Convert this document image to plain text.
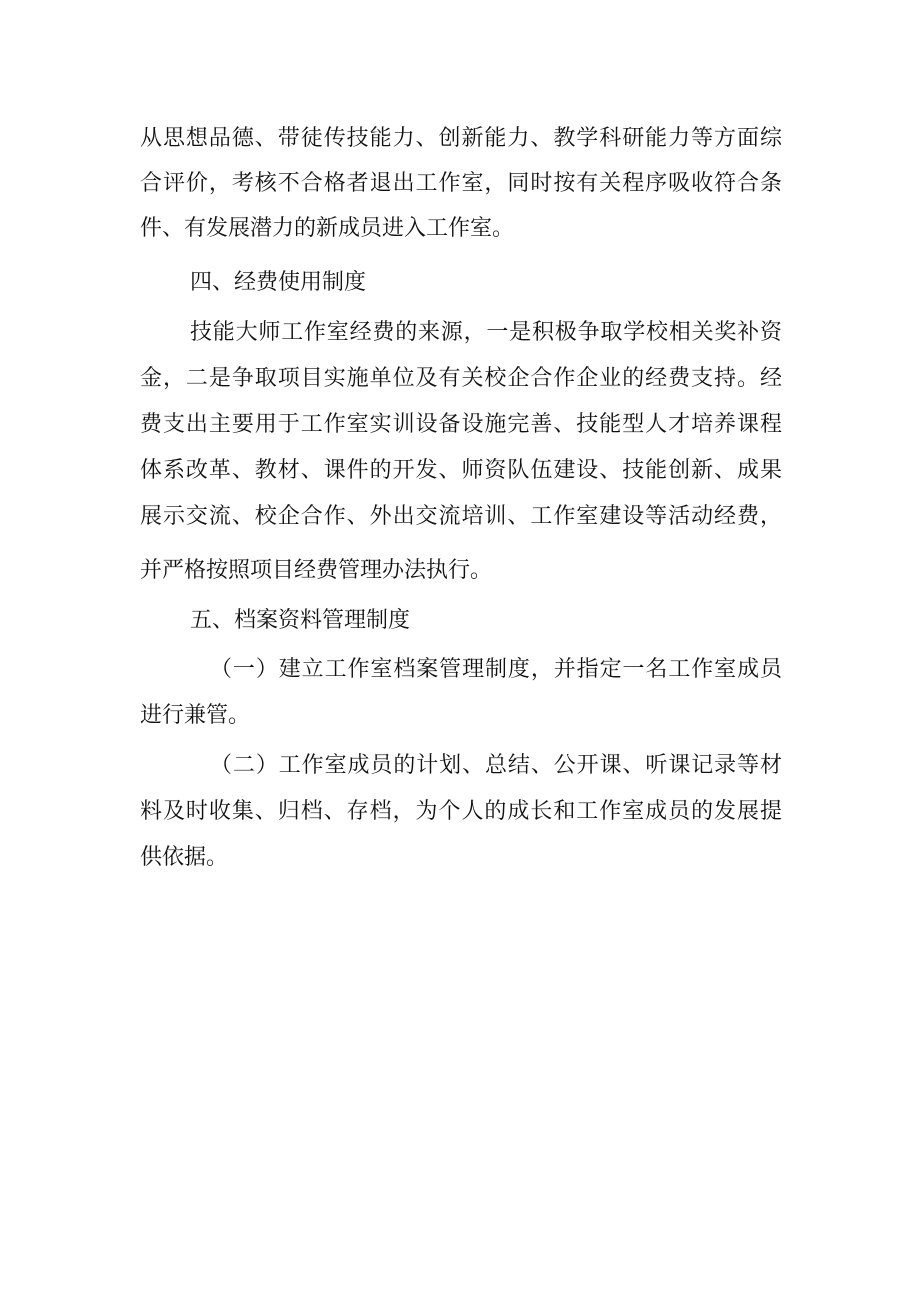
从思想品德、带徒传技能力、创新能力、教学科研能力等方面综
合评价，考核不合格者退出工作室，同时按有关程序吸收符合条
件、有发展潜力的新成员进入工作室。
四、经费使用制度
技能大师工作室经费的来源，一是积极争取学校相关奖补资
金，二是争取项目实施单位及有关校企合作企业的经费支持。经
费支出主要用于工作室实训设备设施完善、技能型人才培养课程
体系改革、教材、课件的开发、师资队伍建设、技能创新、成果
展示交流、校企合作、外出交流培训、工作室建设等活动经费，
并严格按照项目经费管理办法执行。
五、档案资料管理制度
（一）建立工作室档案管理制度，并指定一名工作室成员
进行兼管。
（二）工作室成员的计划、总结、公开课、听课记录等材
料及时收集、归档、存档，为个人的成长和工作室成员的发展提
供依据。
